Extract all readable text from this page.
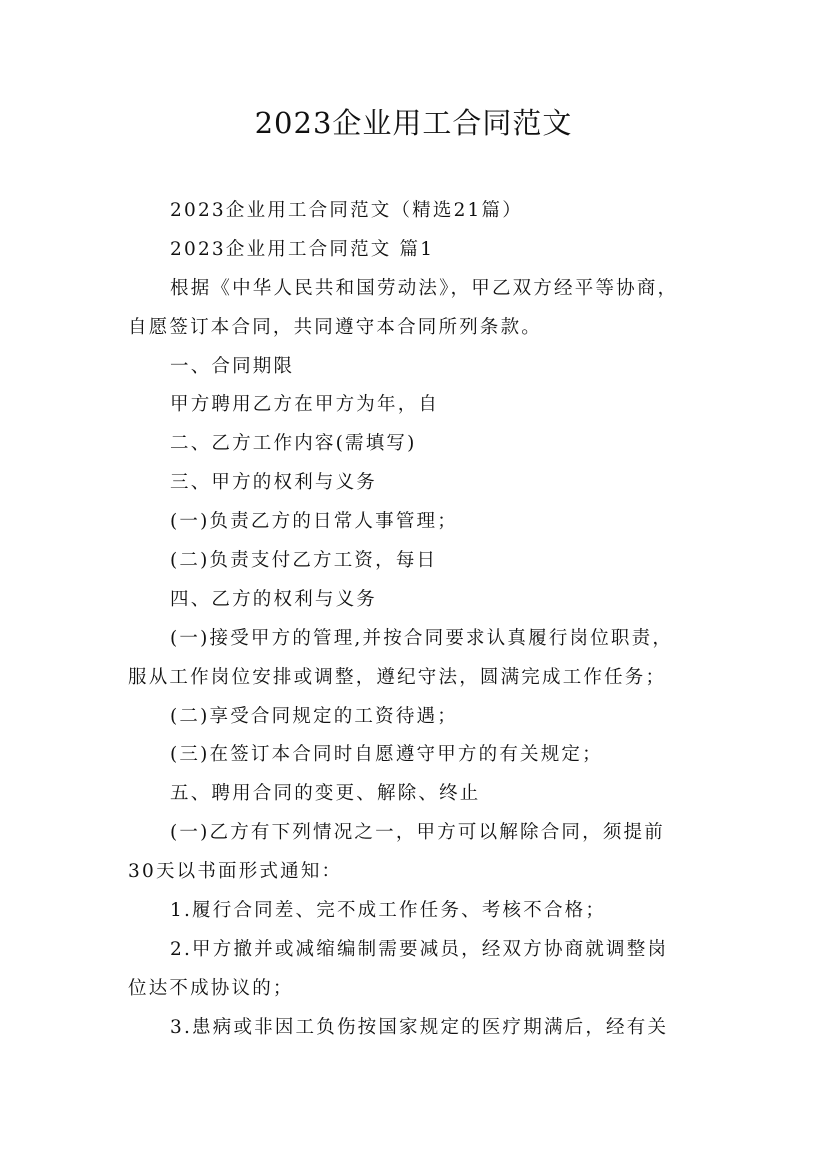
2023企业用工合同范文
2023企业用工合同范文（精选21篇）
2023企业用工合同范文 篇1
根据《中华人民共和国劳动法》，甲乙双方经平等协商，
自愿签订本合同，共同遵守本合同所列条款。
一、合同期限
甲方聘用乙方在甲方为年，自
二、乙方工作内容(需填写)
三、甲方的权利与义务
(一)负责乙方的日常人事管理；
(二)负责支付乙方工资，每日
四、乙方的权利与义务
(一)接受甲方的管理,并按合同要求认真履行岗位职责，
服从工作岗位安排或调整，遵纪守法，圆满完成工作任务；
(二)享受合同规定的工资待遇；
(三)在签订本合同时自愿遵守甲方的有关规定；
五、聘用合同的变更、解除、终止
(一)乙方有下列情况之一，甲方可以解除合同，须提前
30天以书面形式通知：
1.履行合同差、完不成工作任务、考核不合格；
2.甲方撤并或减缩编制需要减员，经双方协商就调整岗
位达不成协议的；
3.患病或非因工负伤按国家规定的医疗期满后，经有关
